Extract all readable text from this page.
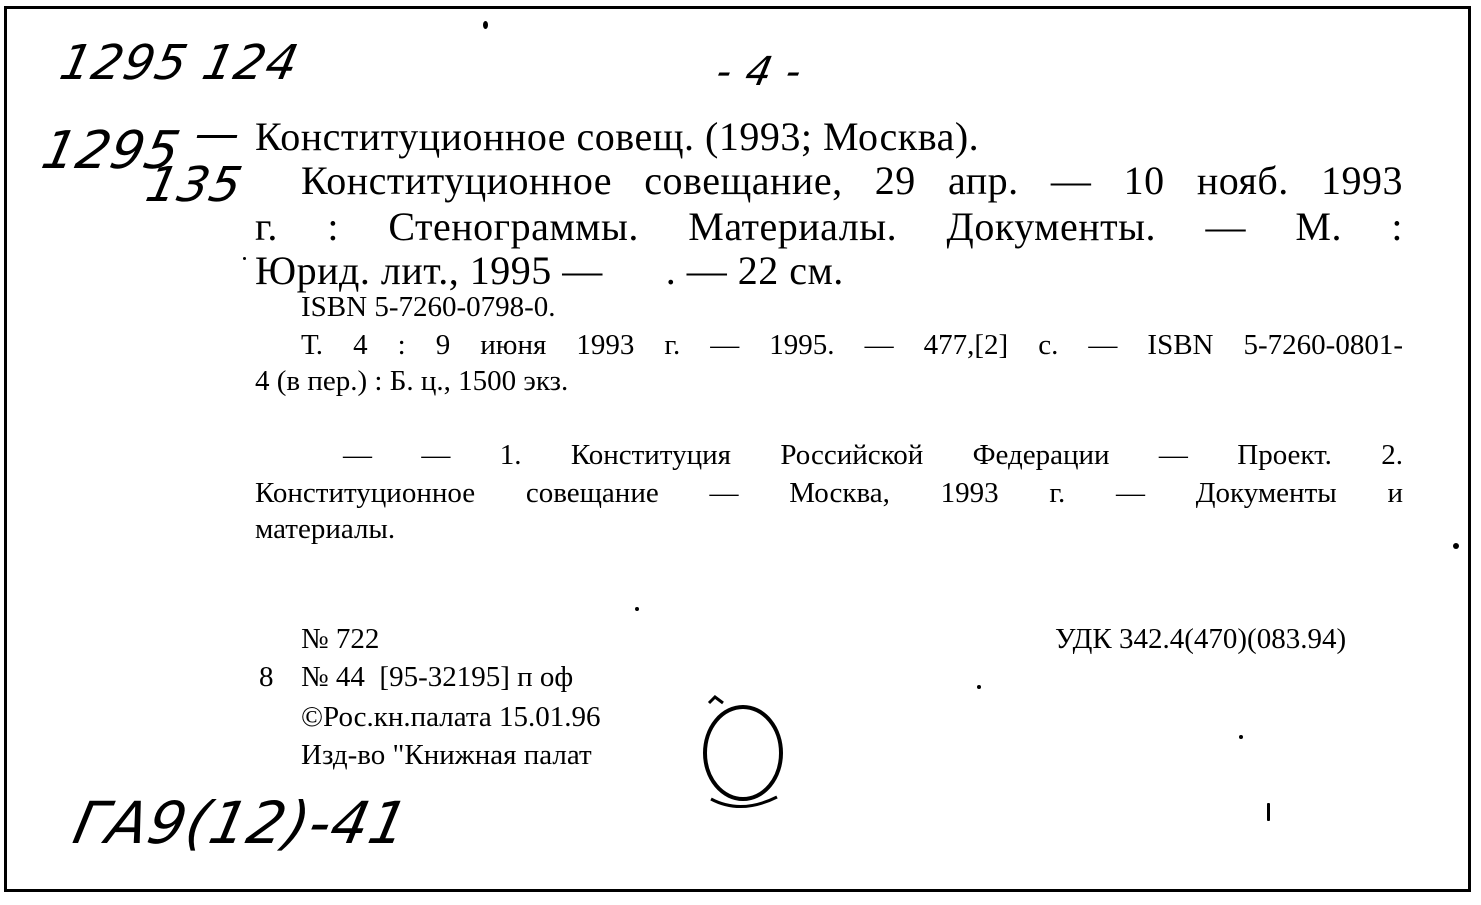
1295 124
1295
135
- 4 -
ГА9(12)-41
Конституционное совещ. (1993; Москва).
Конституционное совещание, 29 апр. — 10 нояб. 1993
г. : Стенограммы. Материалы. Документы. — М. :
Юрид. лит., 1995 —      . — 22 см.
ISBN 5-7260-0798-0.
Т. 4 : 9 июня 1993 г. — 1995. — 477,[2] с. — ISBN 5-7260-0801-
4 (в пер.) : Б. ц., 1500 экз.
— — 1. Конституция Российской Федерации — Проект. 2.
Конституционное совещание — Москва, 1993 г. — Документы и
материалы.
№ 722	УДК 342.4(470)(083.94)
8 № 44  [95-32195] п оф
©Рос.кн.палата 15.01.96
Изд-во "Книжная палат
